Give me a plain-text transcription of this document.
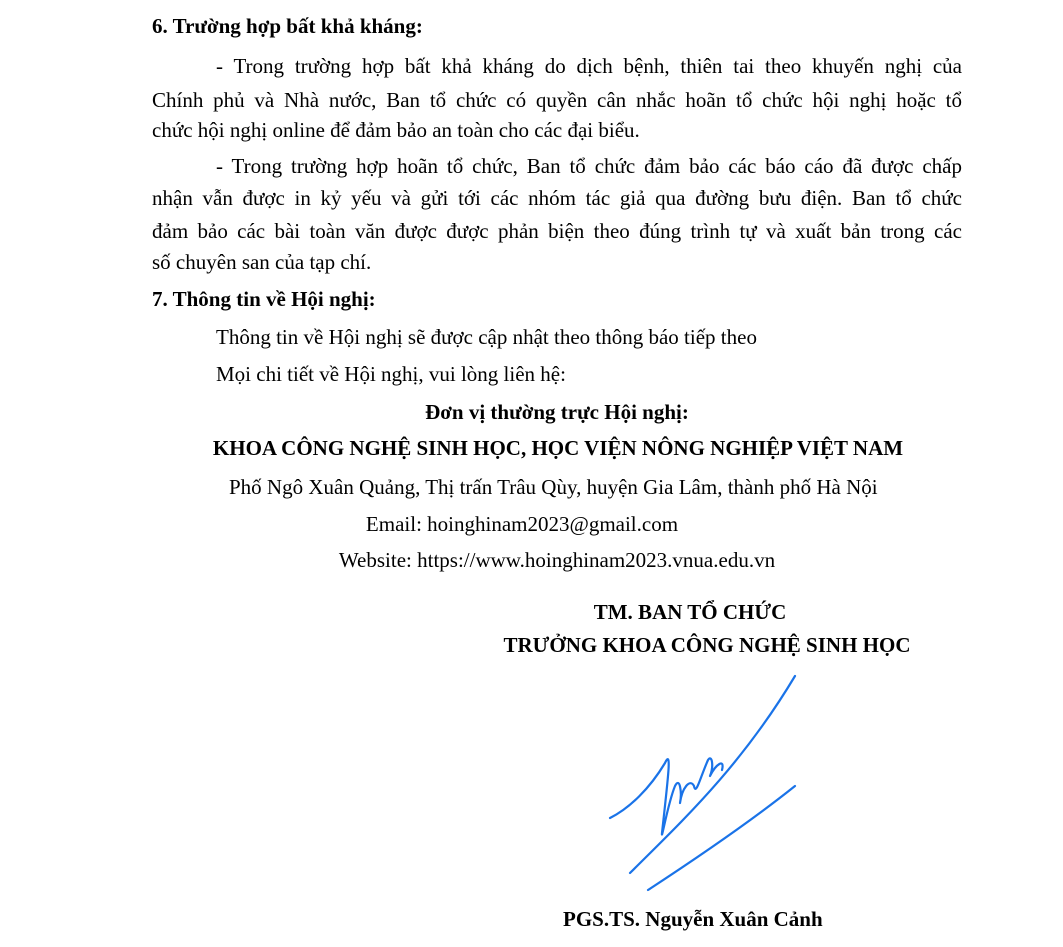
6. Trường hợp bất khả kháng:
- Trong trường hợp bất khả kháng do dịch bệnh, thiên tai theo khuyến nghị của
Chính phủ và Nhà nước, Ban tổ chức có quyền cân nhắc hoãn tổ chức hội nghị hoặc tổ
chức hội nghị online để đảm bảo an toàn cho các đại biểu.
- Trong trường hợp hoãn tổ chức, Ban tổ chức đảm bảo các báo cáo đã được chấp
nhận vẫn được in kỷ yếu và gửi tới các nhóm tác giả qua đường bưu điện. Ban tổ chức
đảm bảo các bài toàn văn được được phản biện theo đúng trình tự và xuất bản trong các
số chuyên san của tạp chí.
7. Thông tin về Hội nghị:
Thông tin về Hội nghị sẽ được cập nhật theo thông báo tiếp theo
Mọi chi tiết về Hội nghị, vui lòng liên hệ:
Đơn vị thường trực Hội nghị:
KHOA CÔNG NGHỆ SINH HỌC, HỌC VIỆN NÔNG NGHIỆP VIỆT NAM
Phố Ngô Xuân Quảng, Thị trấn Trâu Qùy, huyện Gia Lâm, thành phố Hà Nội
Email: hoinghinam2023@gmail.com
Website: https://www.hoinghinam2023.vnua.edu.vn
TM. BAN TỔ CHỨC
TRƯỞNG KHOA CÔNG NGHỆ SINH HỌC
PGS.TS. Nguyễn Xuân Cảnh
